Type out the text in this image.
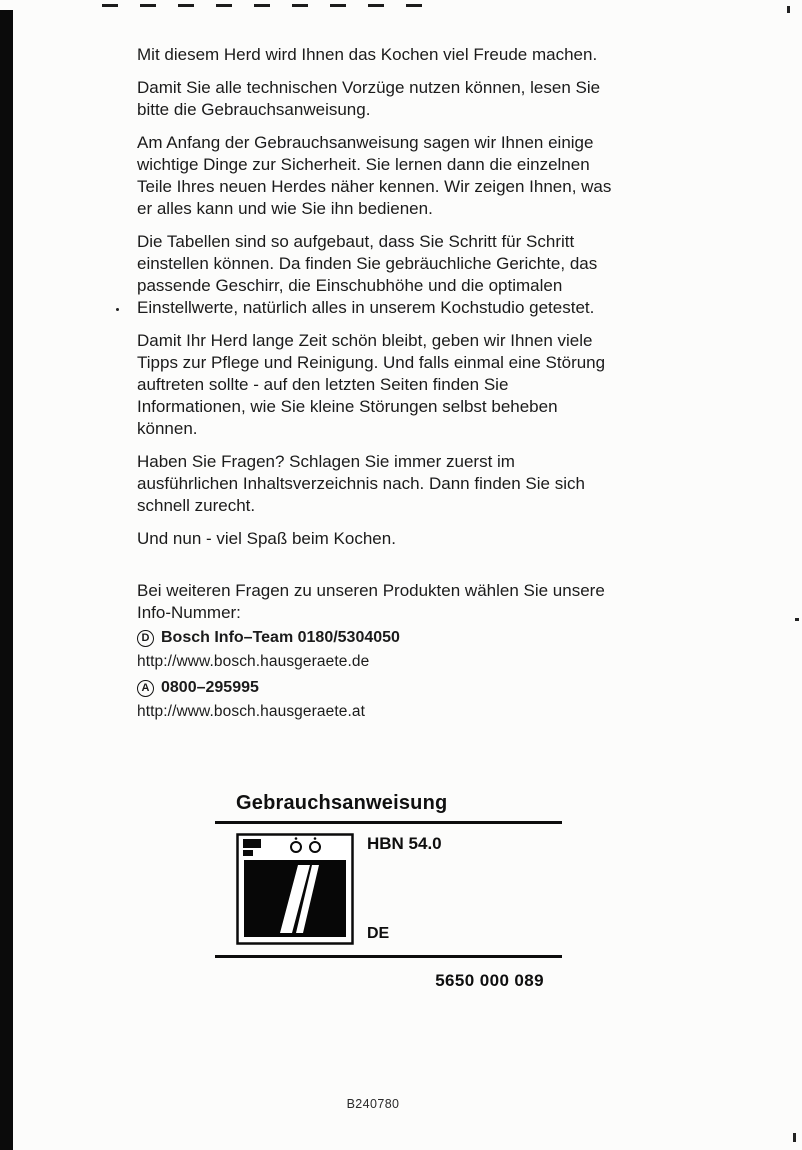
Mit diesem Herd wird Ihnen das Kochen viel Freude machen.

Damit Sie alle technischen Vorzüge nutzen können, lesen Sie bitte die Gebrauchsanweisung.

Am Anfang der Gebrauchsanweisung sagen wir Ihnen einige wichtige Dinge zur Sicherheit. Sie lernen dann die einzelnen Teile Ihres neuen Herdes näher kennen. Wir zeigen Ihnen, was er alles kann und wie Sie ihn bedienen.

Die Tabellen sind so aufgebaut, dass Sie Schritt für Schritt einstellen können. Da finden Sie gebräuchliche Gerichte, das passende Geschirr, die Einschubhöhe und die optimalen Einstellwerte, natürlich alles in unserem Kochstudio getestet.

Damit Ihr Herd lange Zeit schön bleibt, geben wir Ihnen viele Tipps zur Pflege und Reinigung. Und falls einmal eine Störung auftreten sollte - auf den letzten Seiten finden Sie Informationen, wie Sie kleine Störungen selbst beheben können.

Haben Sie Fragen? Schlagen Sie immer zuerst im ausführlichen Inhaltsverzeichnis nach. Dann finden Sie sich schnell zurecht.

Und nun - viel Spaß beim Kochen.

Bei weiteren Fragen zu unseren Produkten wählen Sie unsere Info-Nummer:

D Bosch Info–Team 0180/5304050

http://www.bosch.hausgeraete.de

A 0800–295995

http://www.bosch.hausgeraete.at

Gebrauchsanweisung
HBN 54.0
DE
5650 000 089
B240780
